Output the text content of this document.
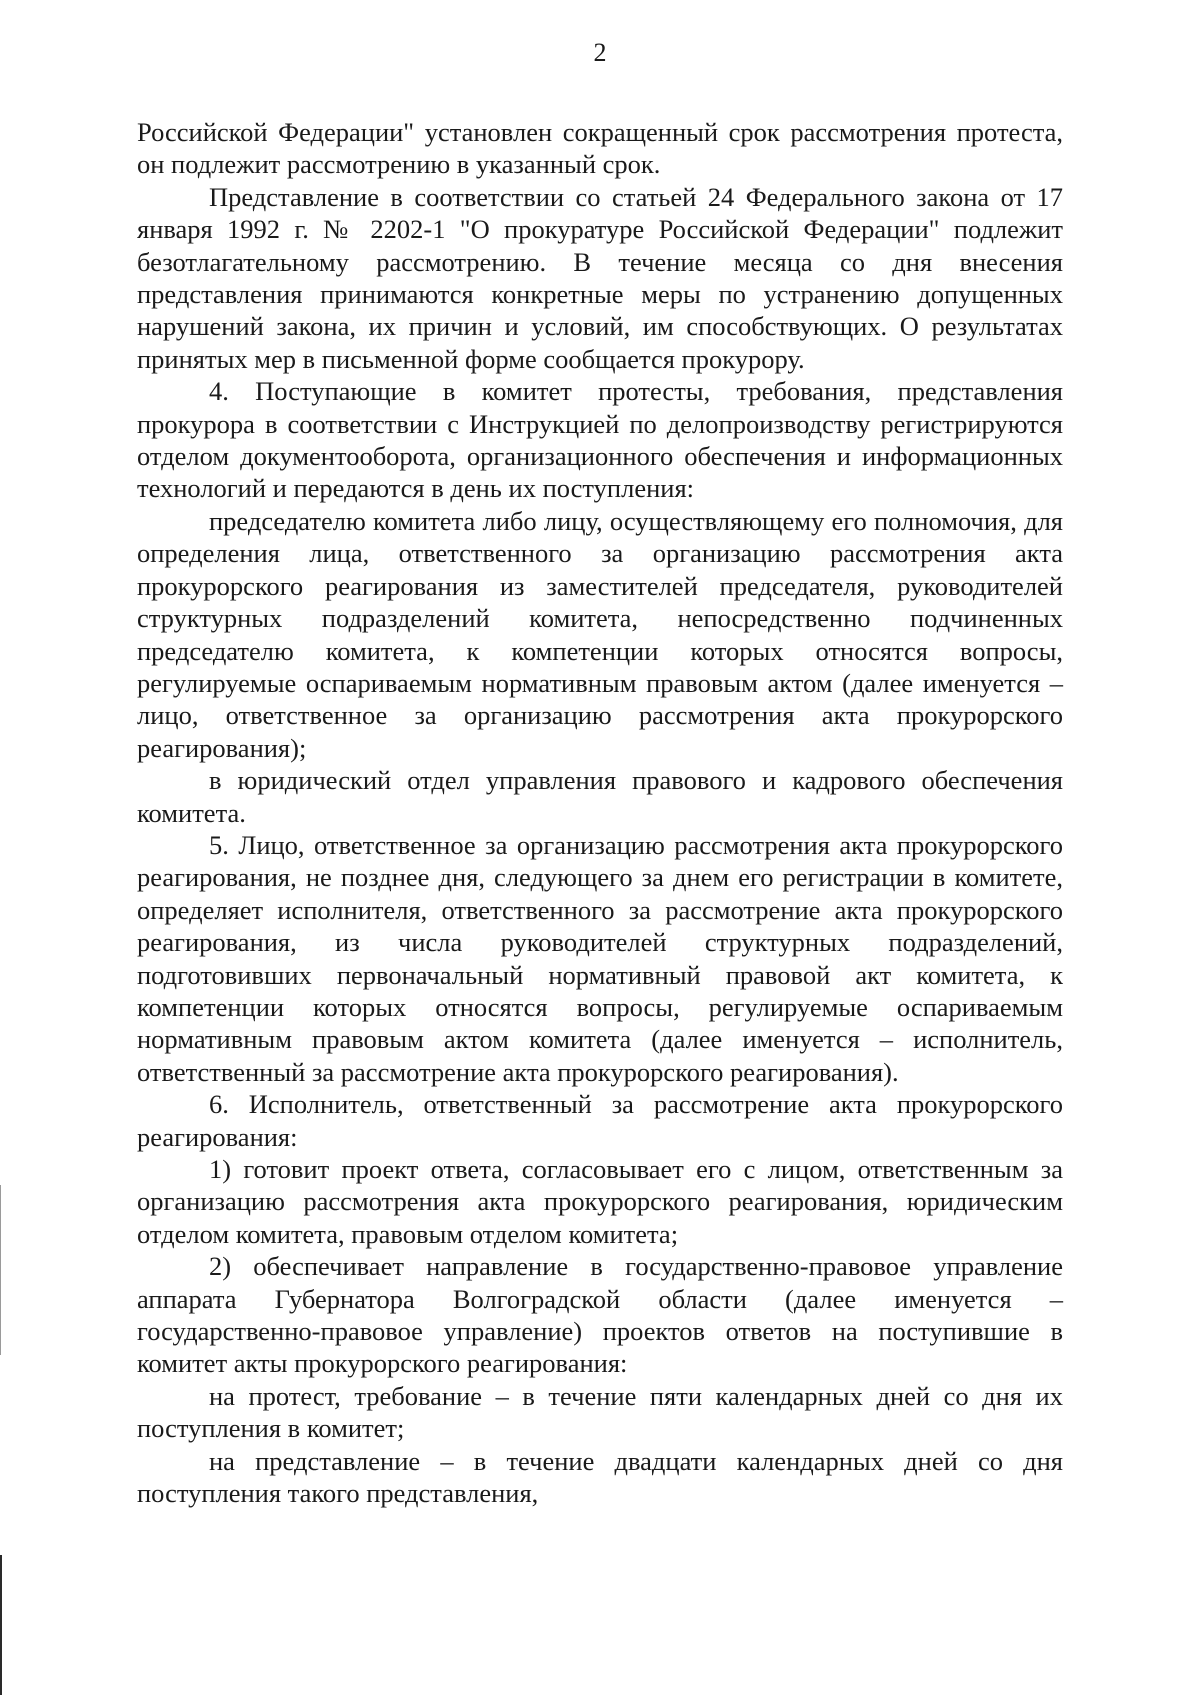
2

Российской Федерации" установлен сокращенный срок рассмотрения протеста, он подлежит рассмотрению в указанный срок.

Представление в соответствии со статьей 24 Федерального закона от 17 января 1992 г. № 2202-1 "О прокуратуре Российской Федерации" подлежит безотлагательному рассмотрению. В течение месяца со дня внесения представления принимаются конкретные меры по устранению допущенных нарушений закона, их причин и условий, им способствующих. О результатах принятых мер в письменной форме сообщается прокурору.

4. Поступающие в комитет протесты, требования, представления прокурора в соответствии с Инструкцией по делопроизводству регистрируются отделом документооборота, организационного обеспечения и информационных технологий и передаются в день их поступления:

председателю комитета либо лицу, осуществляющему его полномочия, для определения лица, ответственного за организацию рассмотрения акта прокурорского реагирования из заместителей председателя, руководителей структурных подразделений комитета, непосредственно подчиненных председателю комитета, к компетенции которых относятся вопросы, регулируемые оспариваемым нормативным правовым актом (далее именуется – лицо, ответственное за организацию рассмотрения акта прокурорского реагирования);

в юридический отдел управления правового и кадрового обеспечения комитета.

5. Лицо, ответственное за организацию рассмотрения акта прокурорского реагирования, не позднее дня, следующего за днем его регистрации в комитете, определяет исполнителя, ответственного за рассмотрение акта прокурорского реагирования, из числа руководителей структурных подразделений, подготовивших первоначальный нормативный правовой акт комитета, к компетенции которых относятся вопросы, регулируемые оспариваемым нормативным правовым актом комитета (далее именуется – исполнитель, ответственный за рассмотрение акта прокурорского реагирования).

6. Исполнитель, ответственный за рассмотрение акта прокурорского реагирования:

1) готовит проект ответа, согласовывает его с лицом, ответственным за организацию рассмотрения акта прокурорского реагирования, юридическим отделом комитета, правовым отделом комитета;

2) обеспечивает направление в государственно-правовое управление аппарата Губернатора Волгоградской области (далее именуется – государственно-правовое управление) проектов ответов на поступившие в комитет акты прокурорского реагирования:

на протест, требование – в течение пяти календарных дней со дня их поступления в комитет;

на представление – в течение двадцати календарных дней со дня поступления такого представления,
